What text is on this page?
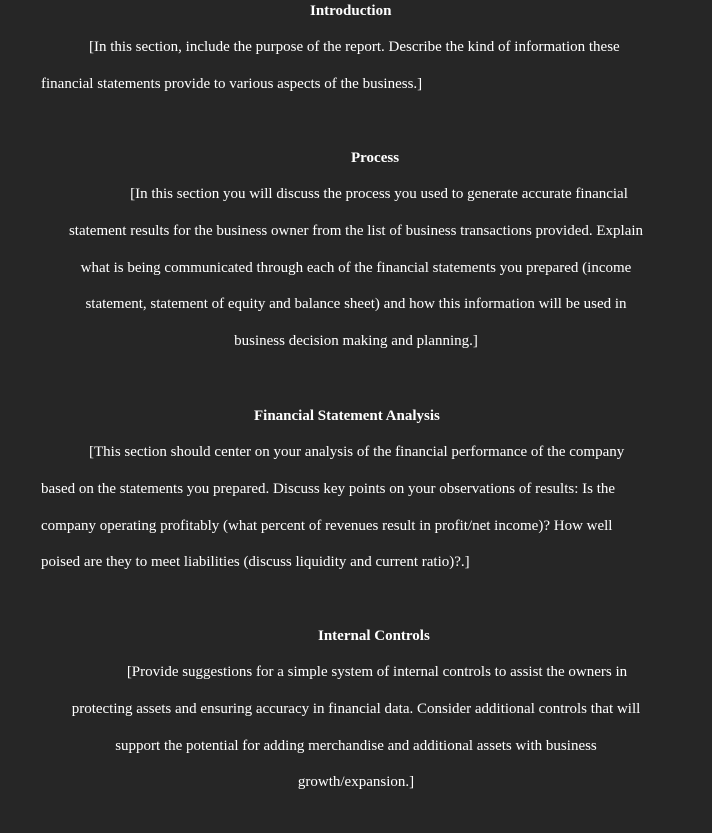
Introduction
[In this section, include the purpose of the report. Describe the kind of information these
financial statements provide to various aspects of the business.]
Process
[In this section you will discuss the process you used to generate accurate financial
statement results for the business owner from the list of business transactions provided. Explain
what is being communicated through each of the financial statements you prepared (income
statement, statement of equity and balance sheet) and how this information will be used in
business decision making and planning.]
Financial Statement Analysis
[This section should center on your analysis of the financial performance of the company
based on the statements you prepared. Discuss key points on your observations of results: Is the
company operating profitably (what percent of revenues result in profit/net income)? How well
poised are they to meet liabilities (discuss liquidity and current ratio)?.]
Internal Controls
[Provide suggestions for a simple system of internal controls to assist the owners in
protecting assets and ensuring accuracy in financial data. Consider additional controls that will
support the potential for adding merchandise and additional assets with business
growth/expansion.]
